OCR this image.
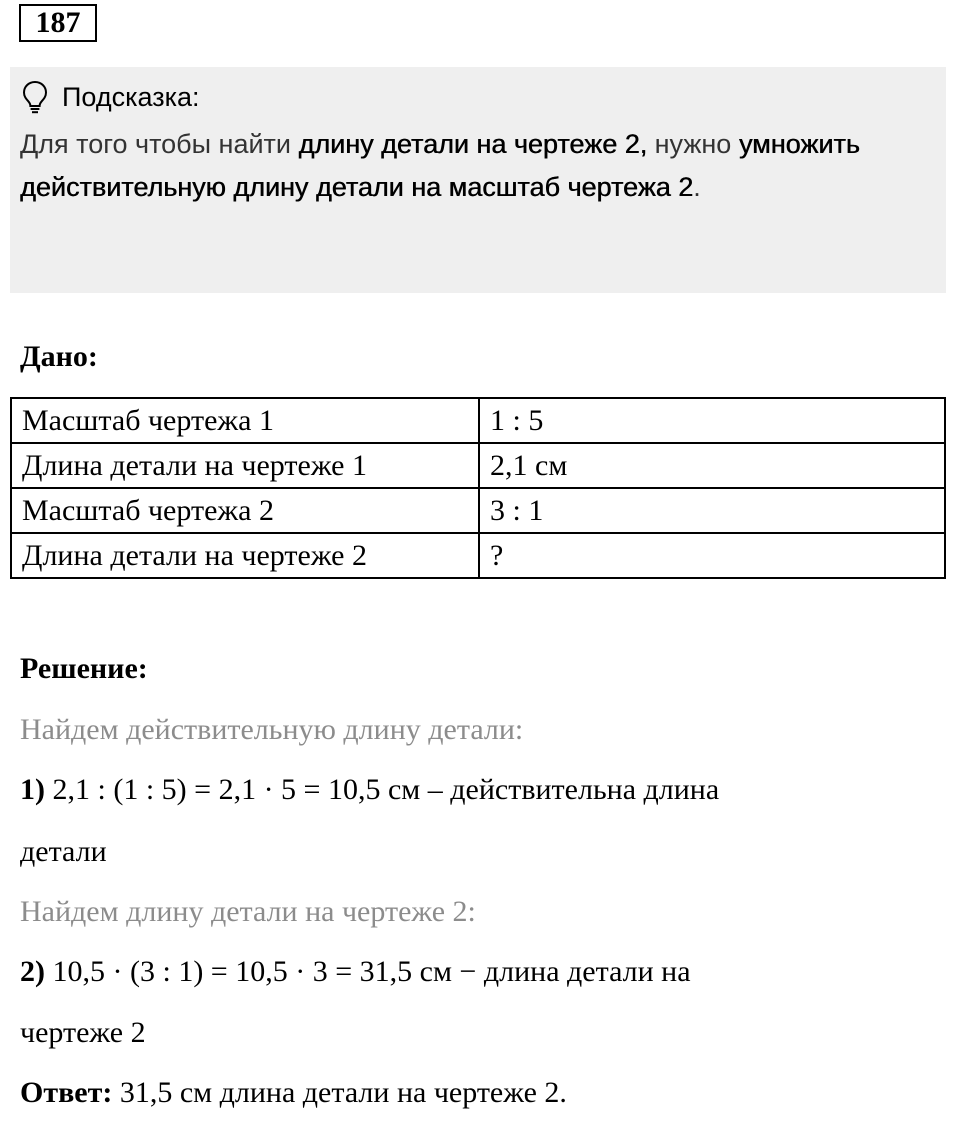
187
Подсказка:
Для того чтобы найти длину детали на чертеже 2, нужно умножить действительную длину детали на масштаб чертежа 2.
Дано:
Масштаб чертежа 1	1 : 5
Длина детали на чертеже 1	2,1 см
Масштаб чертежа 2	3 : 1
Длина детали на чертеже 2	?
Решение:
Найдем действительную длину детали:
1) 2,1 : (1 : 5) = 2,1 · 5 = 10,5 см – действительна длина
детали
Найдем длину детали на чертеже 2:
2) 10,5 · (3 : 1) = 10,5 · 3 = 31,5 см − длина детали на
чертеже 2
Ответ: 31,5 см длина детали на чертеже 2.
